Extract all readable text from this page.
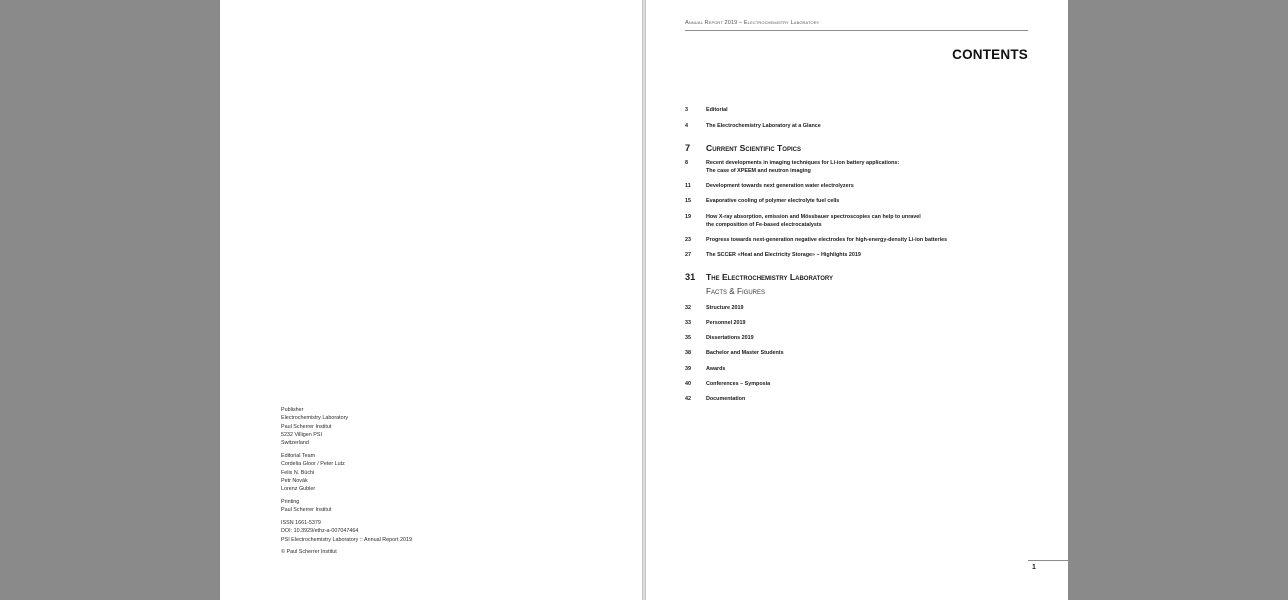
Publisher
Electrochemistry Laboratory
Paul Scherrer Institut
5232 Villigen PSI
Switzerland
Editorial Team
Cordelia Gloor / Peter Lutz
Felix N. Büchi
Petr Novák
Lorenz Gubler
Printing
Paul Scherrer Institut
ISSN 1661-5379
DOI: 10.3929/ethz-a-007047464
PSI Electrochemistry Laboratory :: Annual Report 2019
© Paul Scherrer Institut
Annual Report 2019 – Electrochemistry Laboratory
CONTENTS
3	Editorial
4	The Electrochemistry Laboratory at a Glance
7	Current Scientific Topics
8	Recent developments in imaging techniques for Li-ion battery applications:
The case of XPEEM and neutron imaging
11	Development towards next generation water electrolyzers
15	Evaporative cooling of polymer electrolyte fuel cells
19	How X-ray absorption, emission and Mössbauer spectroscopies can help to unravel
the composition of Fe-based electrocatalysts
23	Progress towards next-generation negative electrodes for high-energy-density Li-ion batteries
27	The SCCER «Heat and Electricity Storage» – Highlights 2019
31	The Electrochemistry Laboratory
Facts & Figures
32	Structure 2019
33	Personnel 2019
35	Dissertations 2019
38	Bachelor and Master Students
39	Awards
40	Conferences – Symposia
42	Documentation
1
